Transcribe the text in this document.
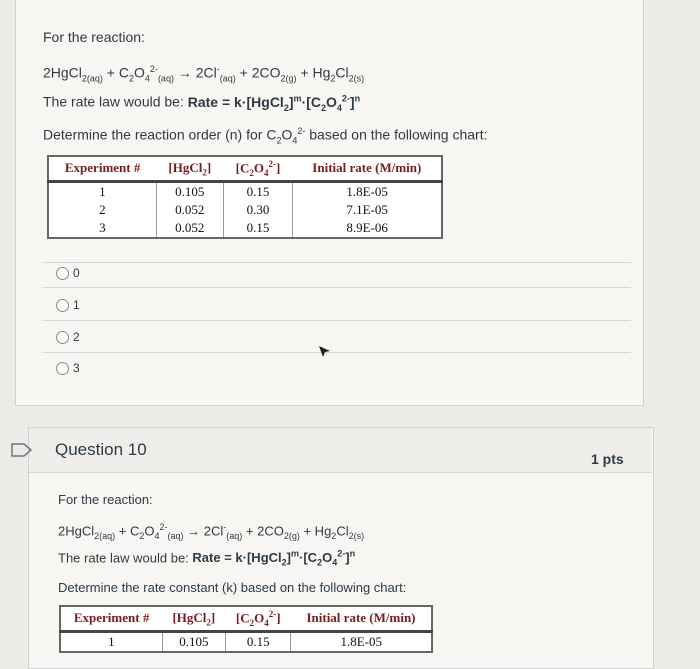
For the reaction:
2HgCl$_{2(aq)}$ + $C_2O_4^{2-}_{(aq)} \to 2Cl^-_{(aq)} + 2CO_{2(g)} + Hg_2Cl_{2(s)}$
The rate law would be: Rate = $k\cdot[HgCl_2]^m\cdot[C_2O_4^{2-}]^n$
Determine the reaction order (n) for $C_2O_4^{2-}$ based on the following chart:
Experiment #	[HgCl$_2$]	$[C_2O_4^{2-}]$	Initial rate (M/min)
1	0.105	0.15	1.8E-05
2	0.052	0.30	7.1E-05
3	0.052	0.15	8.9E-06
0
1
2
3
Question 10	1 pts
For the reaction:
2HgCl$_{2(aq)}$ + $C_2O_4^{2-}_{(aq)} \to 2Cl^-_{(aq)} + 2CO_{2(g)} + Hg_2Cl_{2(s)}$
The rate law would be: Rate = $k\cdot[HgCl_2]^m\cdot[C_2O_4^{2-}]^n$
Determine the rate constant (k) based on the following chart:
Experiment #	[HgCl$_2$]	$[C_2O_4^{2-}]$	Initial rate (M/min)
1	0.105	0.15	1.8E-05
